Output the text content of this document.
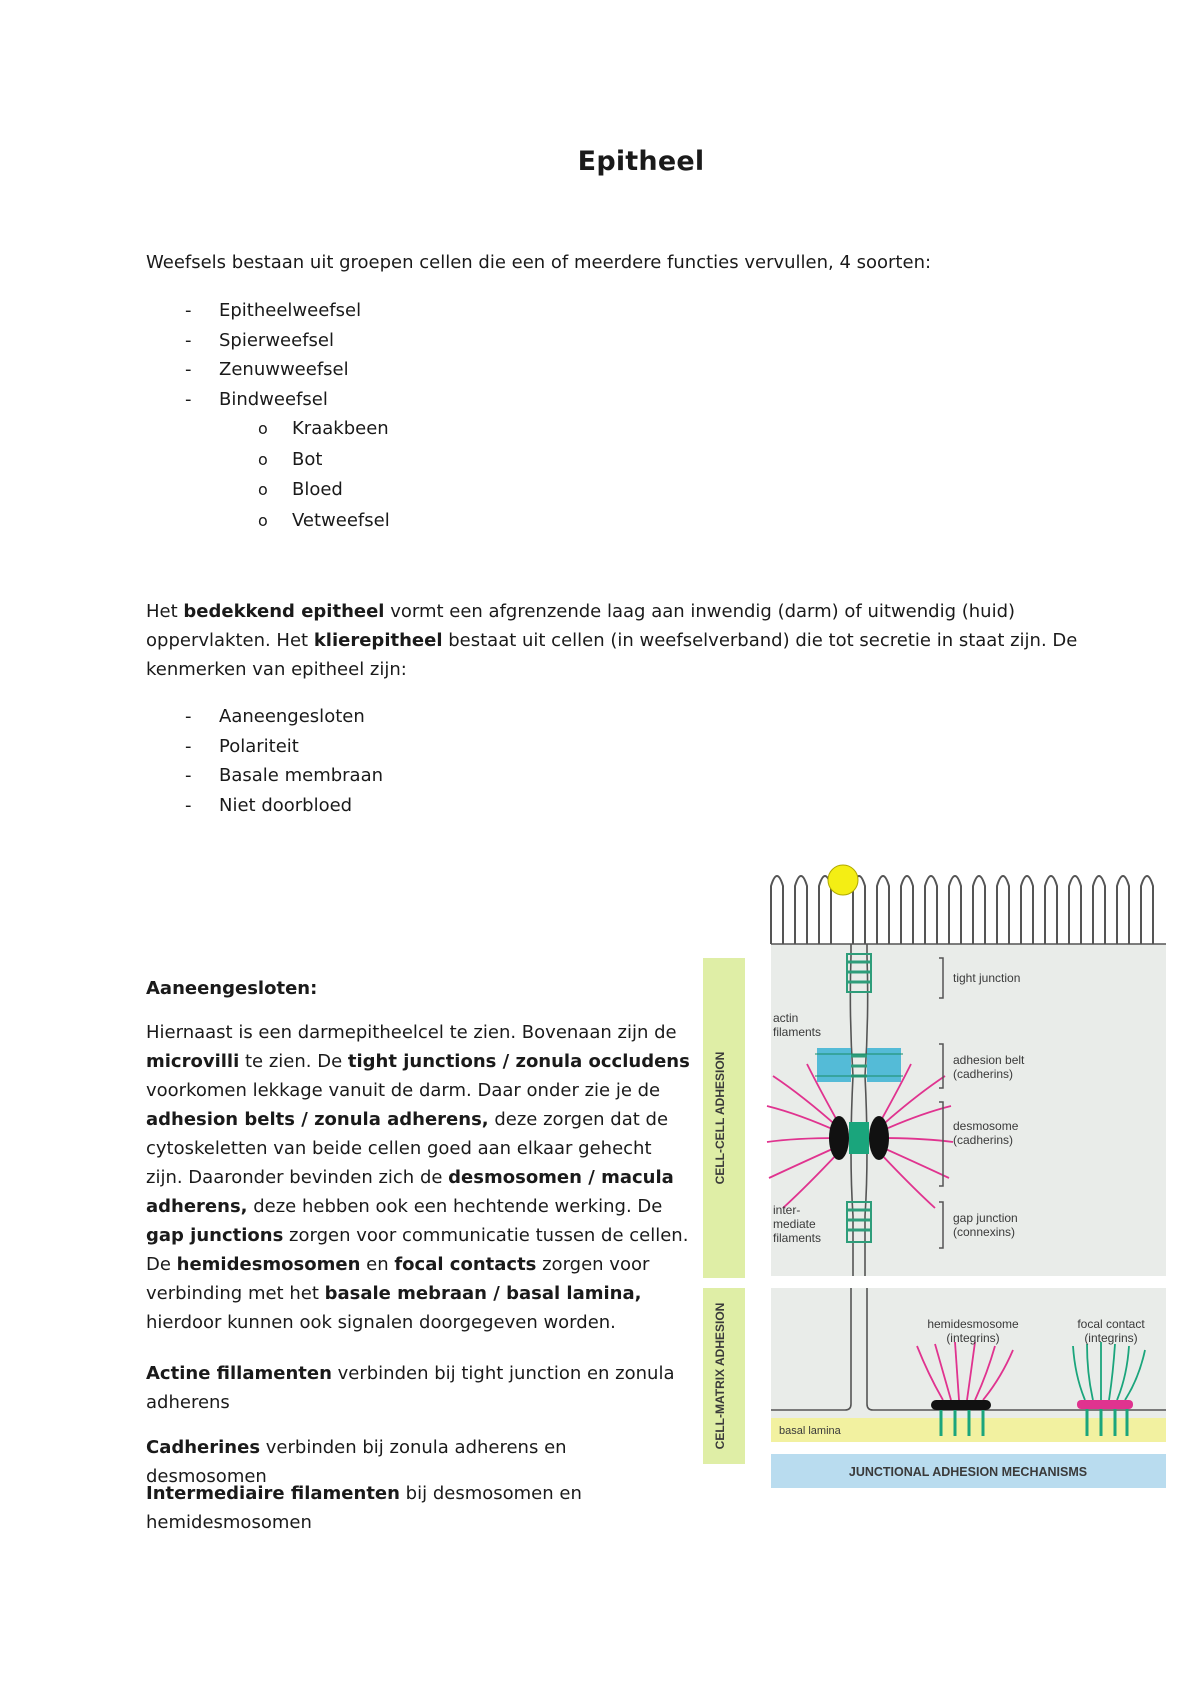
Epitheel

Weefsels bestaan uit groepen cellen die een of meerdere functies vervullen, 4 soorten:

- Epitheelweefsel
- Spierweefsel
- Zenuwweefsel
- Bindweefsel
o Kraakbeen
o Bot
o Bloed
o Vetweefsel

Het bedekkend epitheel vormt een afgrenzende laag aan inwendig (darm) of uitwendig (huid) oppervlakten. Het klierepitheel bestaat uit cellen (in weefselverband) die tot secretie in staat zijn. De kenmerken van epitheel zijn:

- Aaneengesloten
- Polariteit
- Basale membraan
- Niet doorbloed

Aaneengesloten:

Hiernaast is een darmepitheelcel te zien. Bovenaan zijn de microvilli te zien. De tight junctions / zonula occludens voorkomen lekkage vanuit de darm. Daar onder zie je de adhesion belts / zonula adherens, deze zorgen dat de cytoskeletten van beide cellen goed aan elkaar gehecht zijn. Daaronder bevinden zich de desmosomen / macula adherens, deze hebben ook een hechtende werking. De gap junctions zorgen voor communicatie tussen de cellen. De hemidesmosomen en focal contacts zorgen voor verbinding met het basale mebraan / basal lamina, hierdoor kunnen ook signalen doorgegeven worden.

Actine fillamenten verbinden bij tight junction en zonula adherens

Cadherines verbinden bij zonula adherens en desmosomen

Intermediaire filamenten bij desmosomen en hemidesmosomen

CELL-CELL ADHESION
CELL-MATRIX ADHESION
actin
filaments
inter-
mediate
filaments
tight junction
adhesion belt
(cadherins)
desmosome
(cadherins)
gap junction
(connexins)
basal lamina
hemidesmosome
(integrins)
focal contact
(integrins)
JUNCTIONAL ADHESION MECHANISMS
